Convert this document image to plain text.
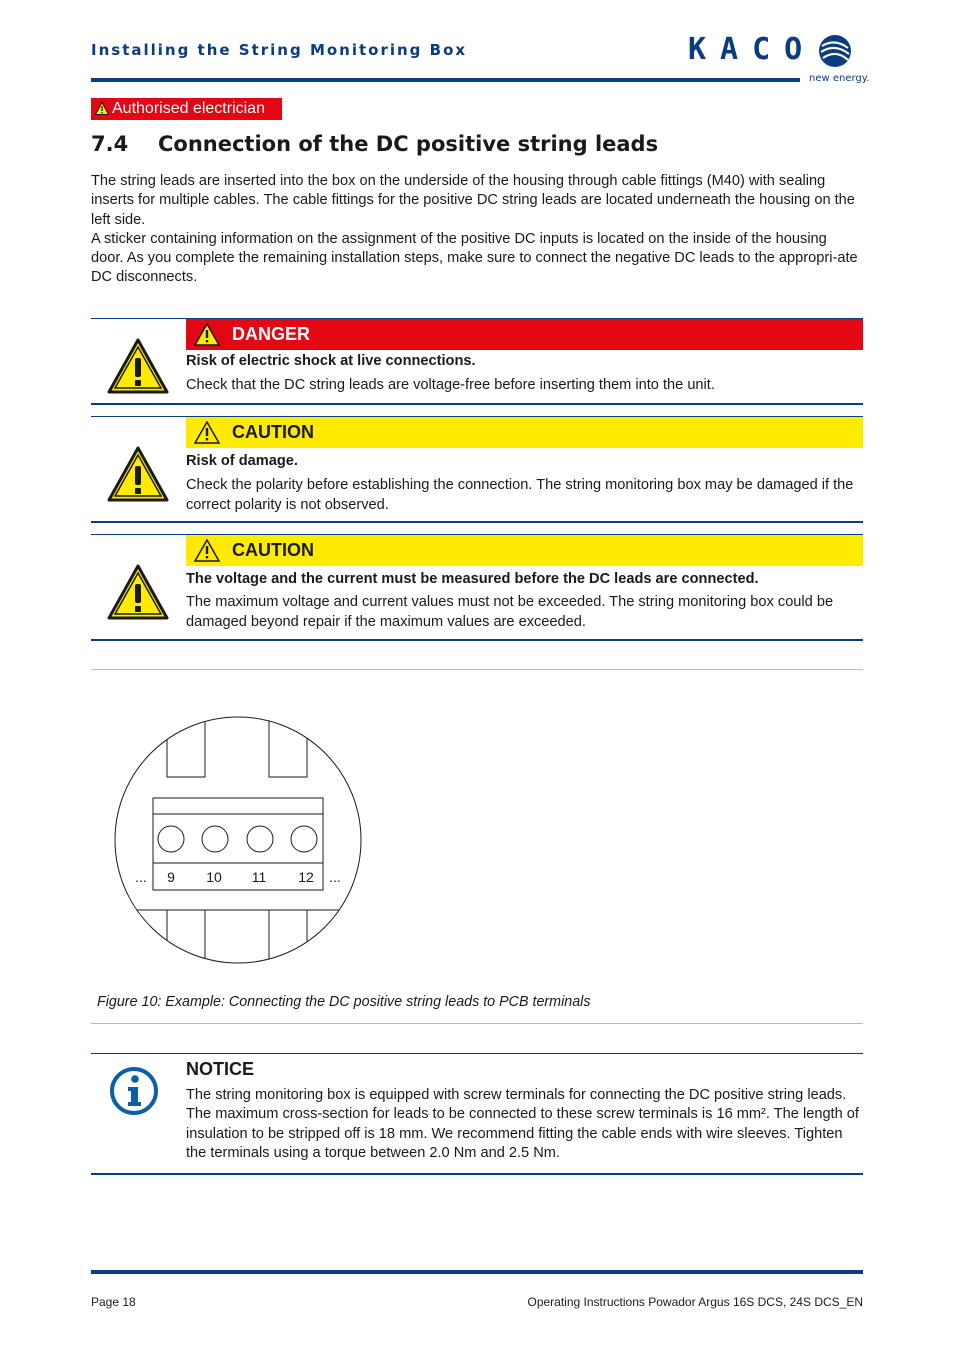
Installing the String Monitoring Box	KACO
new energy.
Authorised electrician
7.4 Connection of the DC positive string leads

The string leads are inserted into the box on the underside of the housing through cable fittings (M40) with sealing inserts for multiple cables. The cable fittings for the positive DC string leads are located underneath the housing on the left side.

A sticker containing information on the assignment of the positive DC inputs is located on the inside of the housing door. As you complete the remaining installation steps, make sure to connect the negative DC leads to the appropri-ate DC disconnects.

DANGER

Risk of electric shock at live connections.

Check that the DC string leads are voltage-free before inserting them into the unit.

CAUTION

Risk of damage.

Check the polarity before establishing the connection. The string monitoring box may be damaged if the correct polarity is not observed.

CAUTION

The voltage and the current must be measured before the DC leads are connected.

The maximum voltage and current values must not be exceeded. The string monitoring box could be damaged beyond repair if the maximum values are exceeded.

... 9 10 11 12 ...
Figure 10: Example: Connecting the DC positive string leads to PCB terminals
NOTICE
The string monitoring box is equipped with screw terminals for connecting the DC positive string leads. The maximum cross-section for leads to be connected to these screw terminals is 16 mm². The length of insulation to be stripped off is 18 mm. We recommend fitting the cable ends with wire sleeves. Tighten the terminals using a torque between 2.0 Nm and 2.5 Nm.
Page 18	Operating Instructions Powador Argus 16S DCS, 24S DCS_EN
